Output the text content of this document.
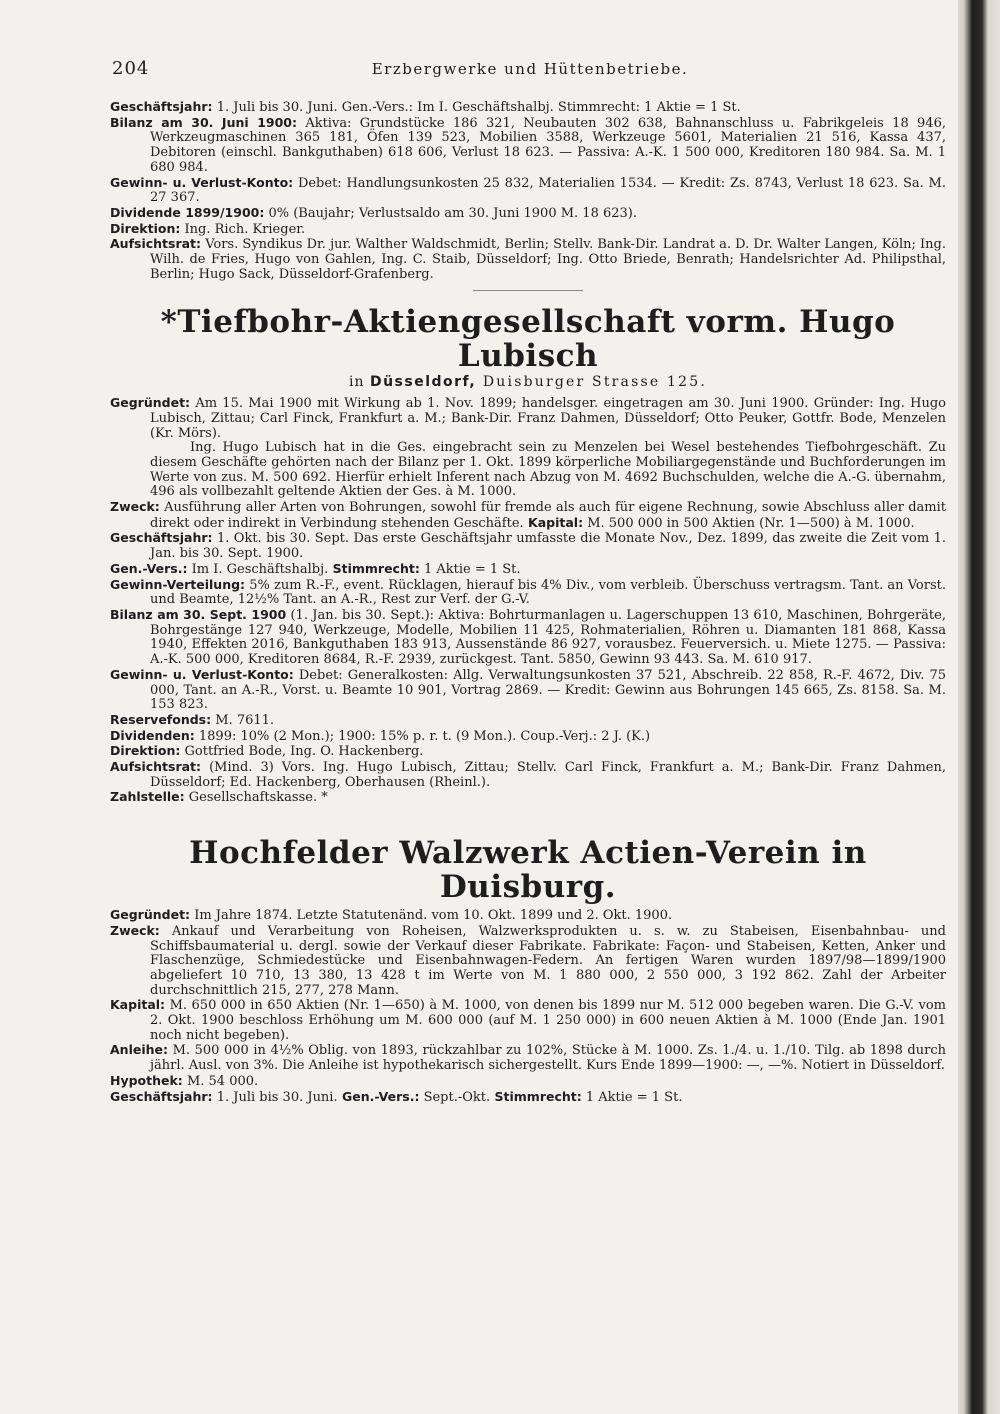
204	Erzbergwerke und Hüttenbetriebe.

Geschäftsjahr: 1. Juli bis 30. Juni. Gen.-Vers.: Im I. Geschäftshalbj. Stimmrecht: 1 Aktie = 1 St.

Bilanz am 30. Juni 1900: Aktiva: Grundstücke 186 321, Neubauten 302 638, Bahnanschluss u. Fabrikgeleis 18 946, Werkzeugmaschinen 365 181, Öfen 139 523, Mobilien 3588, Werkzeuge 5601, Materialien 21 516, Kassa 437, Debitoren (einschl. Bankguthaben) 618 606, Verlust 18 623. — Passiva: A.-K. 1 500 000, Kreditoren 180 984. Sa. M. 1 680 984.

Gewinn- u. Verlust-Konto: Debet: Handlungsunkosten 25 832, Materialien 1534. — Kredit: Zs. 8743, Verlust 18 623. Sa. M. 27 367.

Dividende 1899/1900: 0% (Baujahr; Verlustsaldo am 30. Juni 1900 M. 18 623).

Direktion: Ing. Rich. Krieger.

Aufsichtsrat: Vors. Syndikus Dr. jur. Walther Waldschmidt, Berlin; Stellv. Bank-Dir. Landrat a. D. Dr. Walter Langen, Köln; Ing. Wilh. de Fries, Hugo von Gahlen, Ing. C. Staib, Düsseldorf; Ing. Otto Briede, Benrath; Handelsrichter Ad. Philipsthal, Berlin; Hugo Sack, Düsseldorf-Grafenberg.

*Tiefbohr-Aktiengesellschaft vorm. Hugo Lubisch

in Düsseldorf, Duisburger Strasse 125.

Gegründet: Am 15. Mai 1900 mit Wirkung ab 1. Nov. 1899; handelsger. eingetragen am 30. Juni 1900. Gründer: Ing. Hugo Lubisch, Zittau; Carl Finck, Frankfurt a. M.; Bank-Dir. Franz Dahmen, Düsseldorf; Otto Peuker, Gottfr. Bode, Menzelen (Kr. Mörs).

Ing. Hugo Lubisch hat in die Ges. eingebracht sein zu Menzelen bei Wesel bestehendes Tiefbohrgeschäft. Zu diesem Geschäfte gehörten nach der Bilanz per 1. Okt. 1899 körperliche Mobiliargegenstände und Buchforderungen im Werte von zus. M. 500 692. Hierfür erhielt Inferent nach Abzug von M. 4692 Buchschulden, welche die A.-G. übernahm, 496 als vollbezahlt geltende Aktien der Ges. à M. 1000.

Zweck: Ausführung aller Arten von Bohrungen, sowohl für fremde als auch für eigene Rechnung, sowie Abschluss aller damit direkt oder indirekt in Verbindung stehenden Geschäfte. Kapital: M. 500 000 in 500 Aktien (Nr. 1—500) à M. 1000.

Geschäftsjahr: 1. Okt. bis 30. Sept. Das erste Geschäftsjahr umfasste die Monate Nov., Dez. 1899, das zweite die Zeit vom 1. Jan. bis 30. Sept. 1900.

Gen.-Vers.: Im I. Geschäftshalbj. Stimmrecht: 1 Aktie = 1 St.

Gewinn-Verteilung: 5% zum R.-F., event. Rücklagen, hierauf bis 4% Div., vom verbleib. Überschuss vertragsm. Tant. an Vorst. und Beamte, 12½% Tant. an A.-R., Rest zur Verf. der G.-V.

Bilanz am 30. Sept. 1900 (1. Jan. bis 30. Sept.): Aktiva: Bohrturmanlagen u. Lagerschuppen 13 610, Maschinen, Bohrgeräte, Bohrgestänge 127 940, Werkzeuge, Modelle, Mobilien 11 425, Rohmaterialien, Röhren u. Diamanten 181 868, Kassa 1940, Effekten 2016, Bankguthaben 183 913, Aussenstände 86 927, vorausbez. Feuerversich. u. Miete 1275. — Passiva: A.-K. 500 000, Kreditoren 8684, R.-F. 2939, zurückgest. Tant. 5850, Gewinn 93 443. Sa. M. 610 917.

Gewinn- u. Verlust-Konto: Debet: Generalkosten: Allg. Verwaltungsunkosten 37 521, Abschreib. 22 858, R.-F. 4672, Div. 75 000, Tant. an A.-R., Vorst. u. Beamte 10 901, Vortrag 2869. — Kredit: Gewinn aus Bohrungen 145 665, Zs. 8158. Sa. M. 153 823.

Reservefonds: M. 7611.

Dividenden: 1899: 10% (2 Mon.); 1900: 15% p. r. t. (9 Mon.). Coup.-Verj.: 2 J. (K.)

Direktion: Gottfried Bode, Ing. O. Hackenberg.

Aufsichtsrat: (Mind. 3) Vors. Ing. Hugo Lubisch, Zittau; Stellv. Carl Finck, Frankfurt a. M.; Bank-Dir. Franz Dahmen, Düsseldorf; Ed. Hackenberg, Oberhausen (Rheinl.).

Zahlstelle: Gesellschaftskasse. *

Hochfelder Walzwerk Actien-Verein in Duisburg.

Gegründet: Im Jahre 1874. Letzte Statutenänd. vom 10. Okt. 1899 und 2. Okt. 1900.

Zweck: Ankauf und Verarbeitung von Roheisen, Walzwerksprodukten u. s. w. zu Stabeisen, Eisenbahnbau- und Schiffsbaumaterial u. dergl. sowie der Verkauf dieser Fabrikate. Fabrikate: Façon- und Stabeisen, Ketten, Anker und Flaschenzüge, Schmiedestücke und Eisenbahnwagen-Federn. An fertigen Waren wurden 1897/98—1899/1900 abgeliefert 10 710, 13 380, 13 428 t im Werte von M. 1 880 000, 2 550 000, 3 192 862. Zahl der Arbeiter durchschnittlich 215, 277, 278 Mann.

Kapital: M. 650 000 in 650 Aktien (Nr. 1—650) à M. 1000, von denen bis 1899 nur M. 512 000 begeben waren. Die G.-V. vom 2. Okt. 1900 beschloss Erhöhung um M. 600 000 (auf M. 1 250 000) in 600 neuen Aktien à M. 1000 (Ende Jan. 1901 noch nicht begeben).

Anleihe: M. 500 000 in 4½% Oblig. von 1893, rückzahlbar zu 102%, Stücke à M. 1000. Zs. 1./4. u. 1./10. Tilg. ab 1898 durch jährl. Ausl. von 3%. Die Anleihe ist hypothekarisch sichergestellt. Kurs Ende 1899—1900: —, —%. Notiert in Düsseldorf.

Hypothek: M. 54 000.

Geschäftsjahr: 1. Juli bis 30. Juni. Gen.-Vers.: Sept.-Okt. Stimmrecht: 1 Aktie = 1 St.
